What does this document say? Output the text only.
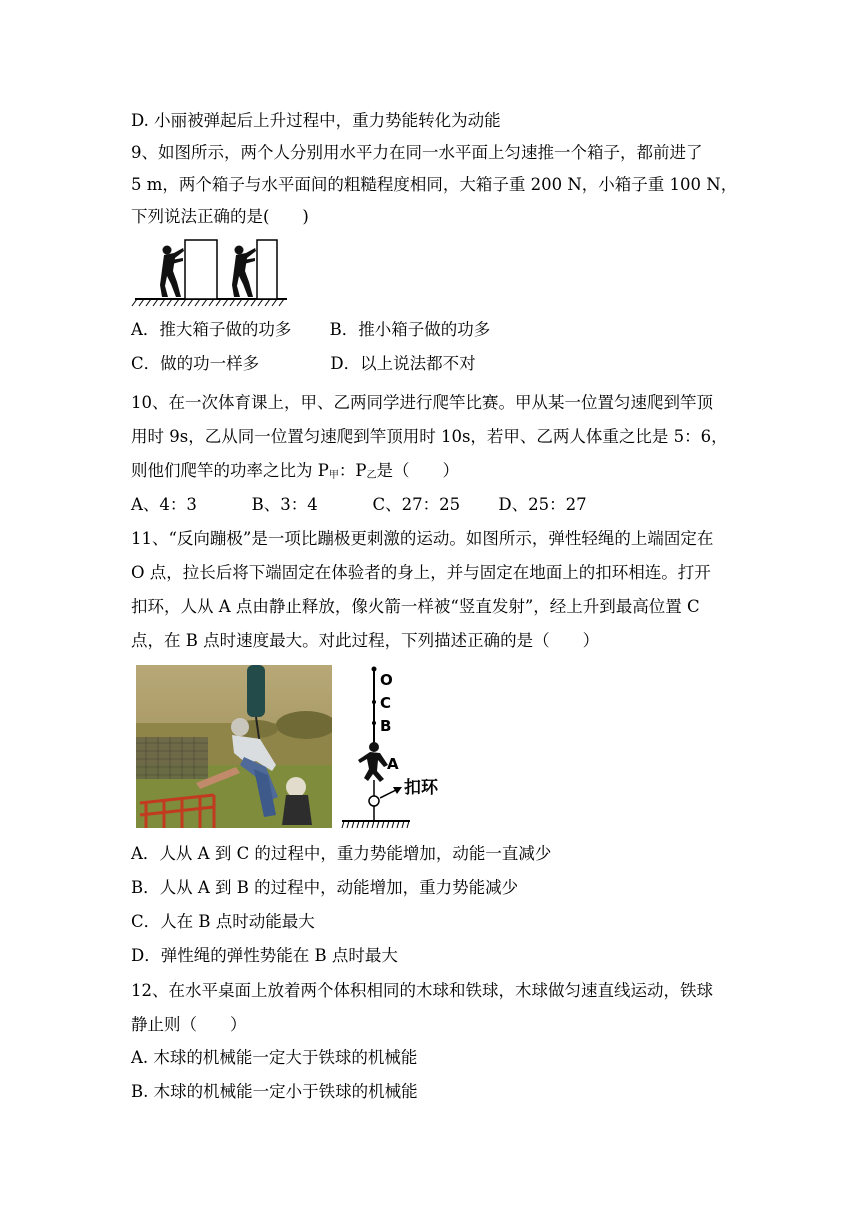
D. 小丽被弹起后上升过程中，重力势能转化为动能
9、如图所示，两个人分别用水平力在同一水平面上匀速推一个箱子，都前进了
5 m，两个箱子与水平面间的粗糙程度相同，大箱子重 200 N，小箱子重 100 N，
下列说法正确的是(　　)
A．推大箱子做的功多　　 B．推小箱子做的功多
C．做的功一样多　　　　 D．以上说法都不对
10、在一次体育课上，甲、乙两同学进行爬竿比赛。甲从某一位置匀速爬到竿顶
用时 9s，乙从同一位置匀速爬到竿顶用时 10s，若甲、乙两人体重之比是 5：6，
则他们爬竿的功率之比为 $P_甲$：$P_乙$是（　　）
A、4：3　　　 B、3：4　　　 C、27：25　　 D、25：27
11、“反向蹦极”是一项比蹦极更刺激的运动。如图所示，弹性轻绳的上端固定在
O 点，拉长后将下端固定在体验者的身上，并与固定在地面上的扣环相连。打开
扣环，人从 A 点由静止释放，像火箭一样被“竖直发射”，经上升到最高位置 C
点，在 B 点时速度最大。对此过程，下列描述正确的是（　　）
O
C
B
A
扣环
A．人从 A 到 C 的过程中，重力势能增加，动能一直减少
B．人从 A 到 B 的过程中，动能增加，重力势能减少
C．人在 B 点时动能最大
D．弹性绳的弹性势能在 B 点时最大
12、在水平桌面上放着两个体积相同的木球和铁球，木球做匀速直线运动，铁球
静止则（　　）
A. 木球的机械能一定大于铁球的机械能
B. 木球的机械能一定小于铁球的机械能
